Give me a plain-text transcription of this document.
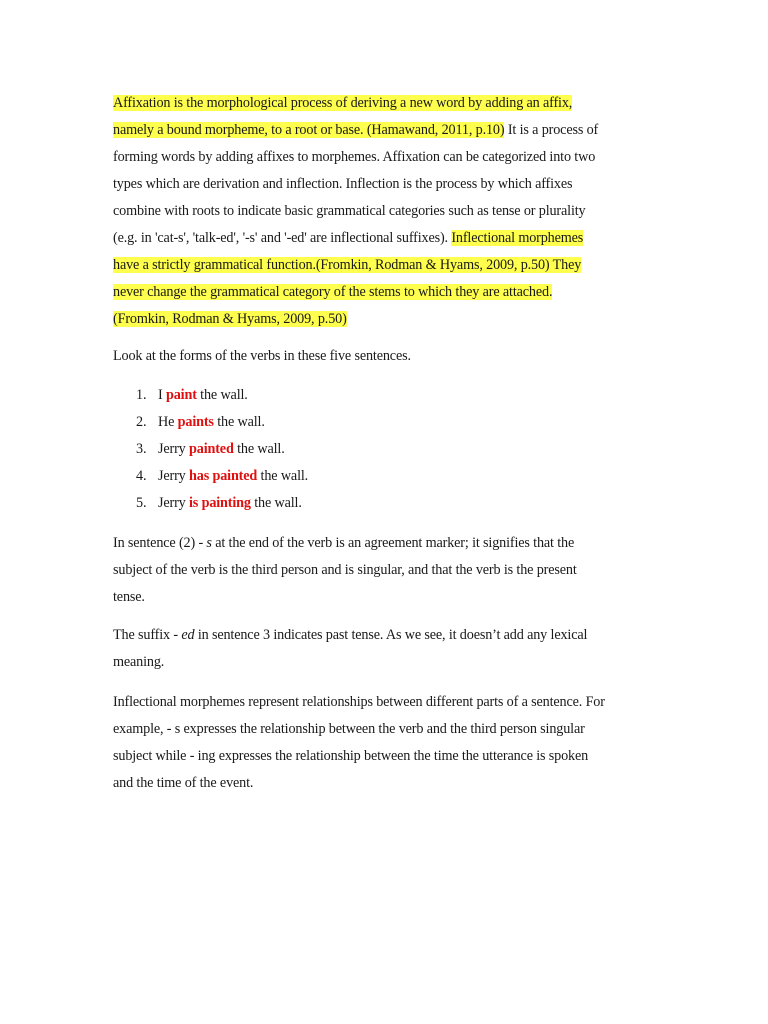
Affixation is the morphological process of deriving a new word by adding an affix,
namely a bound morpheme, to a root or base. (Hamawand, 2011, p.10) It is a process of
forming words by adding affixes to morphemes. Affixation can be categorized into two
types which are derivation and inflection. Inflection is the process by which affixes
combine with roots to indicate basic grammatical categories such as tense or plurality
(e.g. in 'cat-s', 'talk-ed', '-s' and '-ed' are inflectional suffixes). Inflectional morphemes
have a strictly grammatical function.(Fromkin, Rodman & Hyams, 2009, p.50) They
never change the grammatical category of the stems to which they are attached.
(Fromkin, Rodman & Hyams, 2009, p.50)
Look at the forms of the verbs in these five sentences.
1. I paint the wall.
2. He paints the wall.
3. Jerry painted the wall.
4. Jerry has painted the wall.
5. Jerry is painting the wall.
In sentence (2) - s at the end of the verb is an agreement marker; it signifies that the
subject of the verb is the third person and is singular, and that the verb is the present
tense.
The suffix - ed in sentence 3 indicates past tense. As we see, it doesn’t add any lexical
meaning.
Inflectional morphemes represent relationships between different parts of a sentence. For
example, - s expresses the relationship between the verb and the third person singular
subject while - ing expresses the relationship between the time the utterance is spoken
and the time of the event.
